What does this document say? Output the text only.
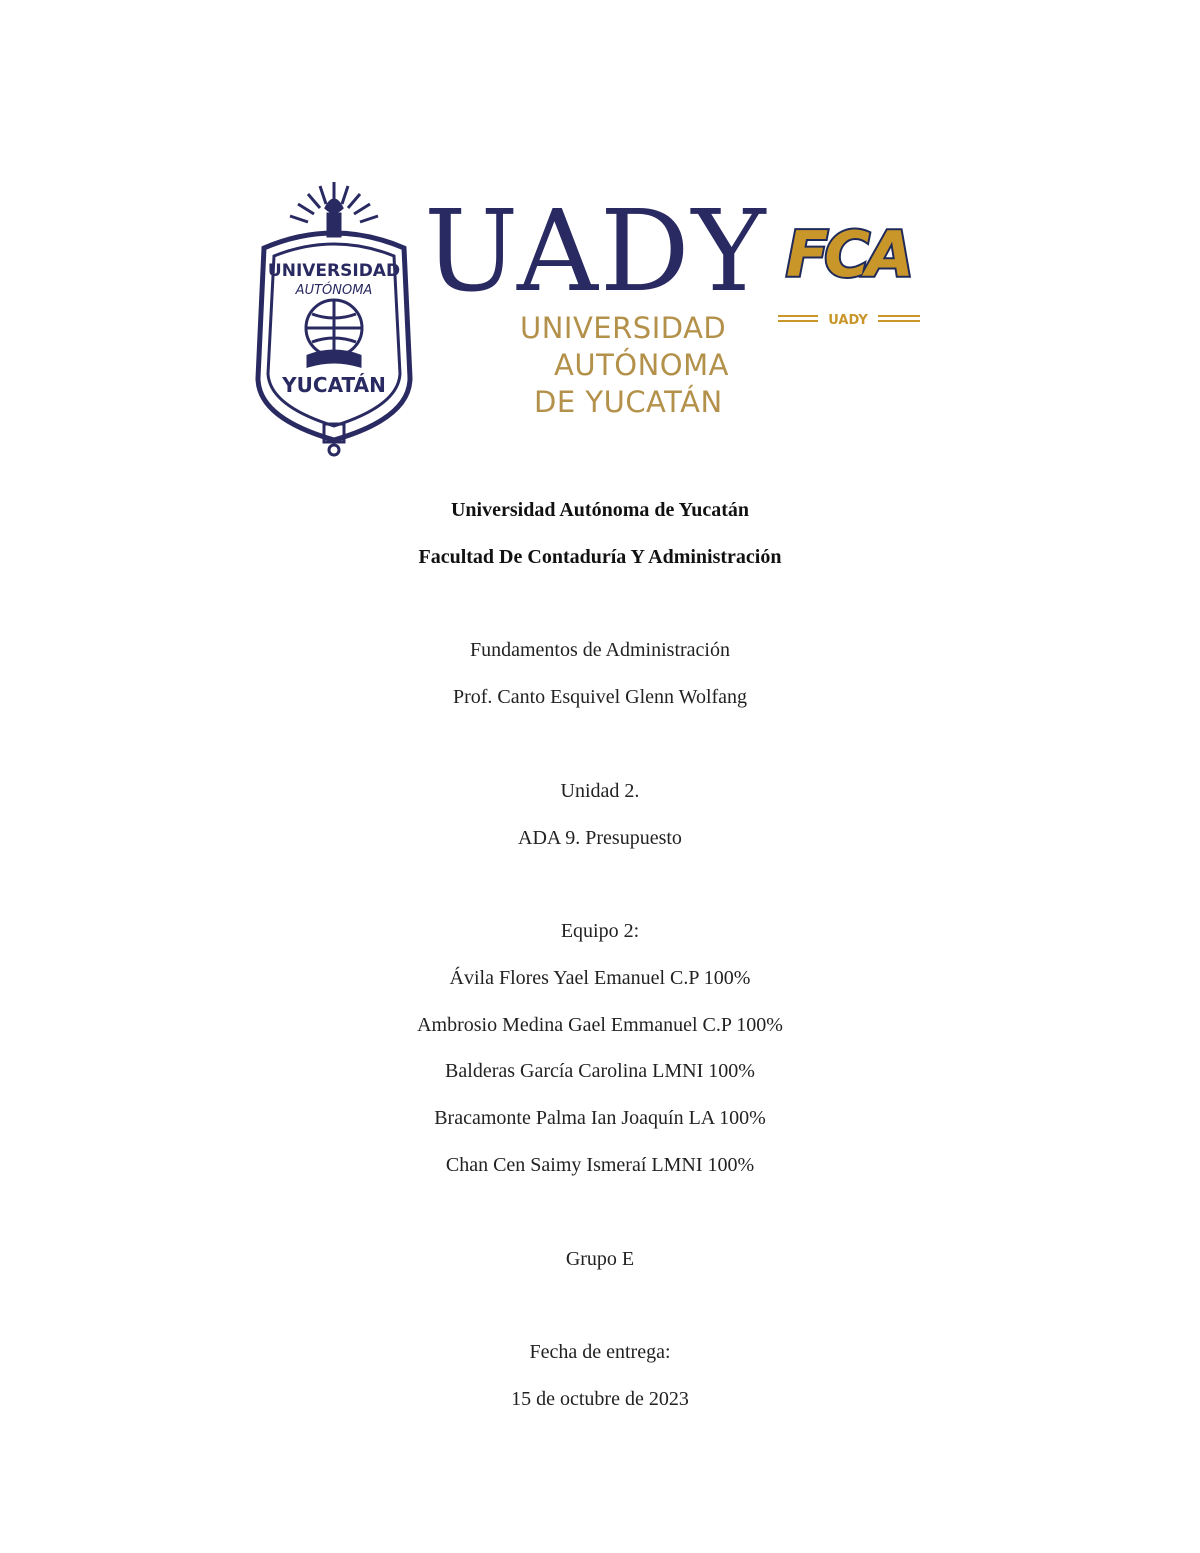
UNIVERSIDAD
AUTÓNOMA
YUCATÁN
UADY
UNIVERSIDAD
AUTÓNOMA
DE YUCATÁN
FCA
UADY
Universidad Autónoma de Yucatán
Facultad De Contaduría Y Administración
Fundamentos de Administración
Prof. Canto Esquivel Glenn Wolfang
Unidad 2.
ADA 9. Presupuesto
Equipo 2:
Ávila Flores Yael Emanuel C.P 100%
Ambrosio Medina Gael Emmanuel C.P 100%
Balderas García Carolina LMNI 100%
Bracamonte Palma Ian Joaquín LA 100%
Chan Cen Saimy Ismeraí LMNI 100%
Grupo E
Fecha de entrega:
15 de octubre de 2023
